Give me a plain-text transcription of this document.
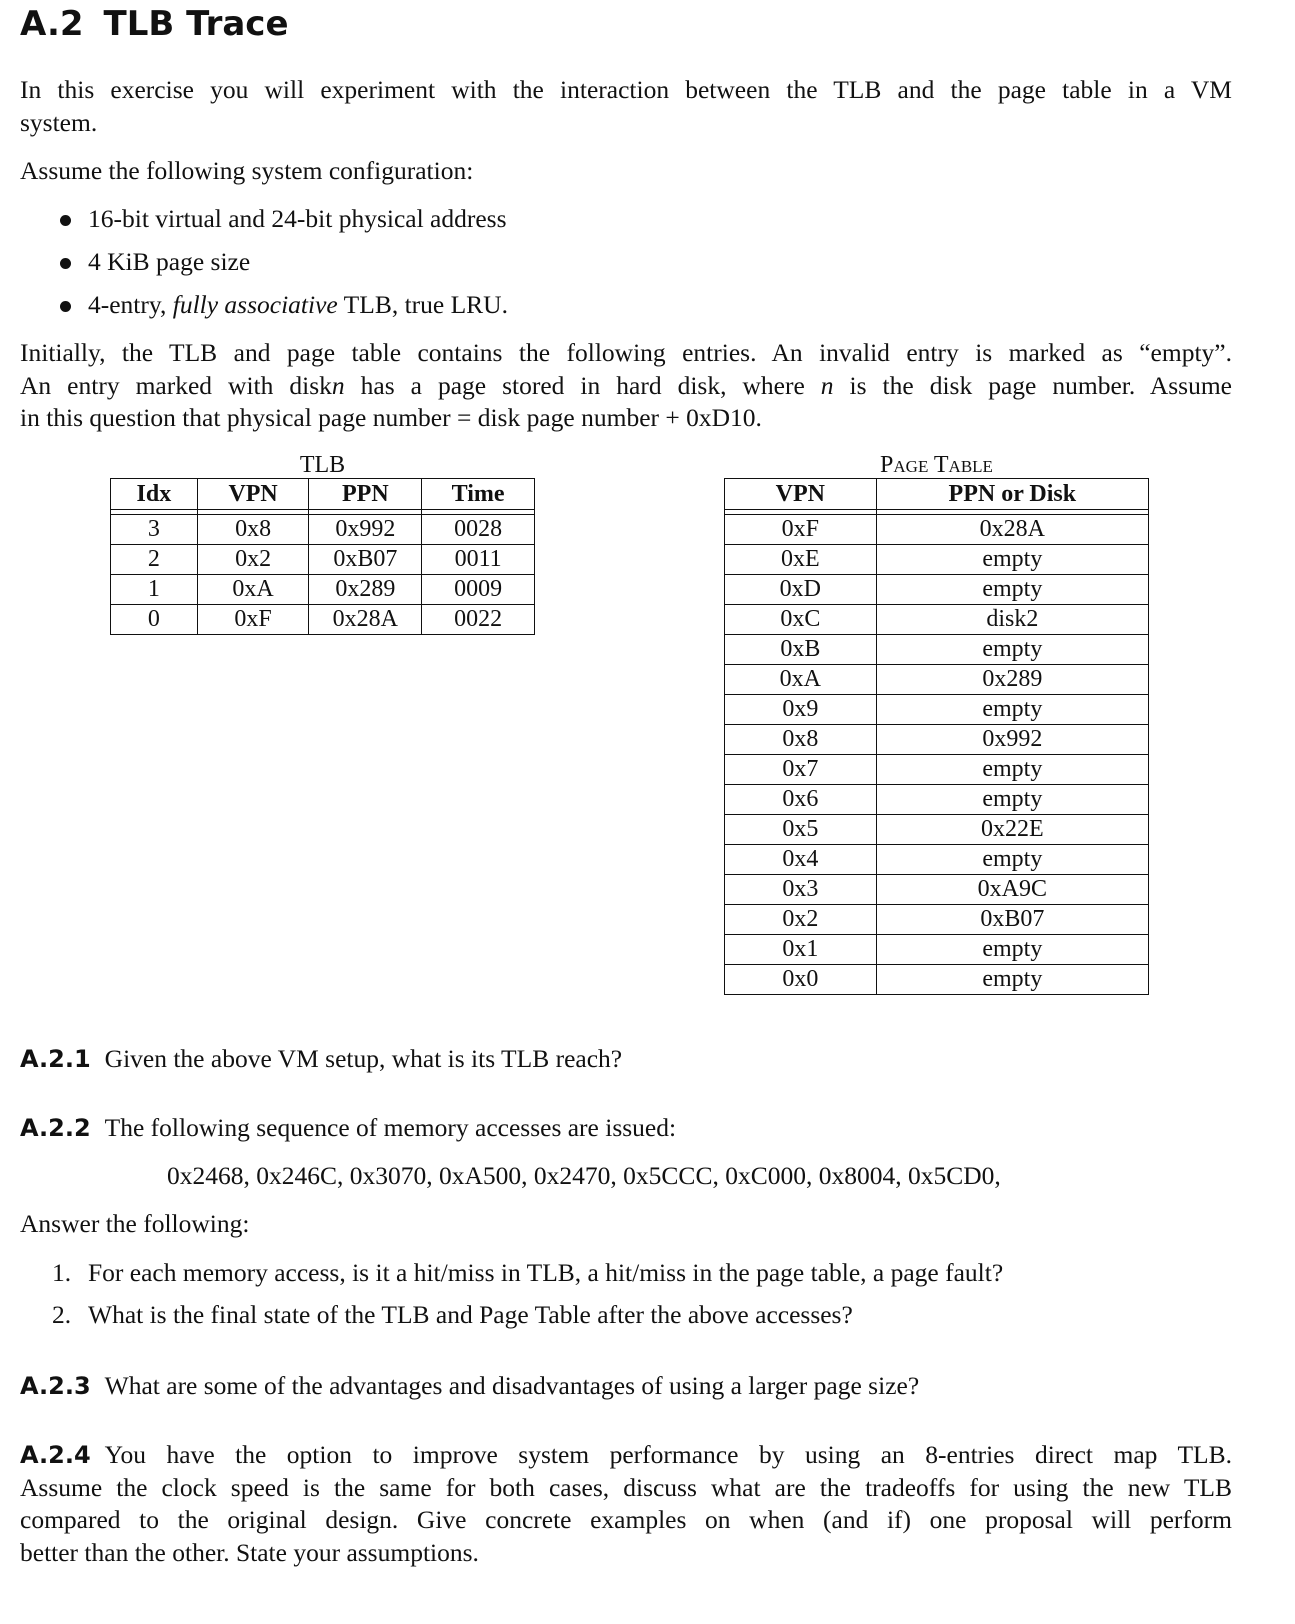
A.2 TLB Trace
In this exercise you will experiment with the interaction between the TLB and the page table in a VM
system.
Assume the following system configuration:
16-bit virtual and 24-bit physical address
4 KiB page size
4-entry, fully associative TLB, true LRU.
Initially, the TLB and page table contains the following entries. An invalid entry is marked as “empty”.
An entry marked with diskn has a page stored in hard disk, where n is the disk page number. Assume
in this question that physical page number = disk page number + 0xD10.
TLB
Idx	VPN	PPN	Time

3	0x8	0x992	0028
2	0x2	0xB07	0011
1	0xA	0x289	0009
0	0xF	0x28A	0022
Page Table
VPN	PPN or Disk

0xF	0x28A
0xE	empty
0xD	empty
0xC	disk2
0xB	empty
0xA	0x289
0x9	empty
0x8	0x992
0x7	empty
0x6	empty
0x5	0x22E
0x4	empty
0x3	0xA9C
0x2	0xB07
0x1	empty
0x0	empty
A.2.1 Given the above VM setup, what is its TLB reach?
A.2.2 The following sequence of memory accesses are issued:
0x2468, 0x246C, 0x3070, 0xA500, 0x2470, 0x5CCC, 0xC000, 0x8004, 0x5CD0,
Answer the following:
1. For each memory access, is it a hit/miss in TLB, a hit/miss in the page table, a page fault?
2. What is the final state of the TLB and Page Table after the above accesses?
A.2.3 What are some of the advantages and disadvantages of using a larger page size?
A.2.4 You have the option to improve system performance by using an 8-entries direct map TLB.
Assume the clock speed is the same for both cases, discuss what are the tradeoffs for using the new TLB
compared to the original design. Give concrete examples on when (and if) one proposal will perform
better than the other. State your assumptions.
